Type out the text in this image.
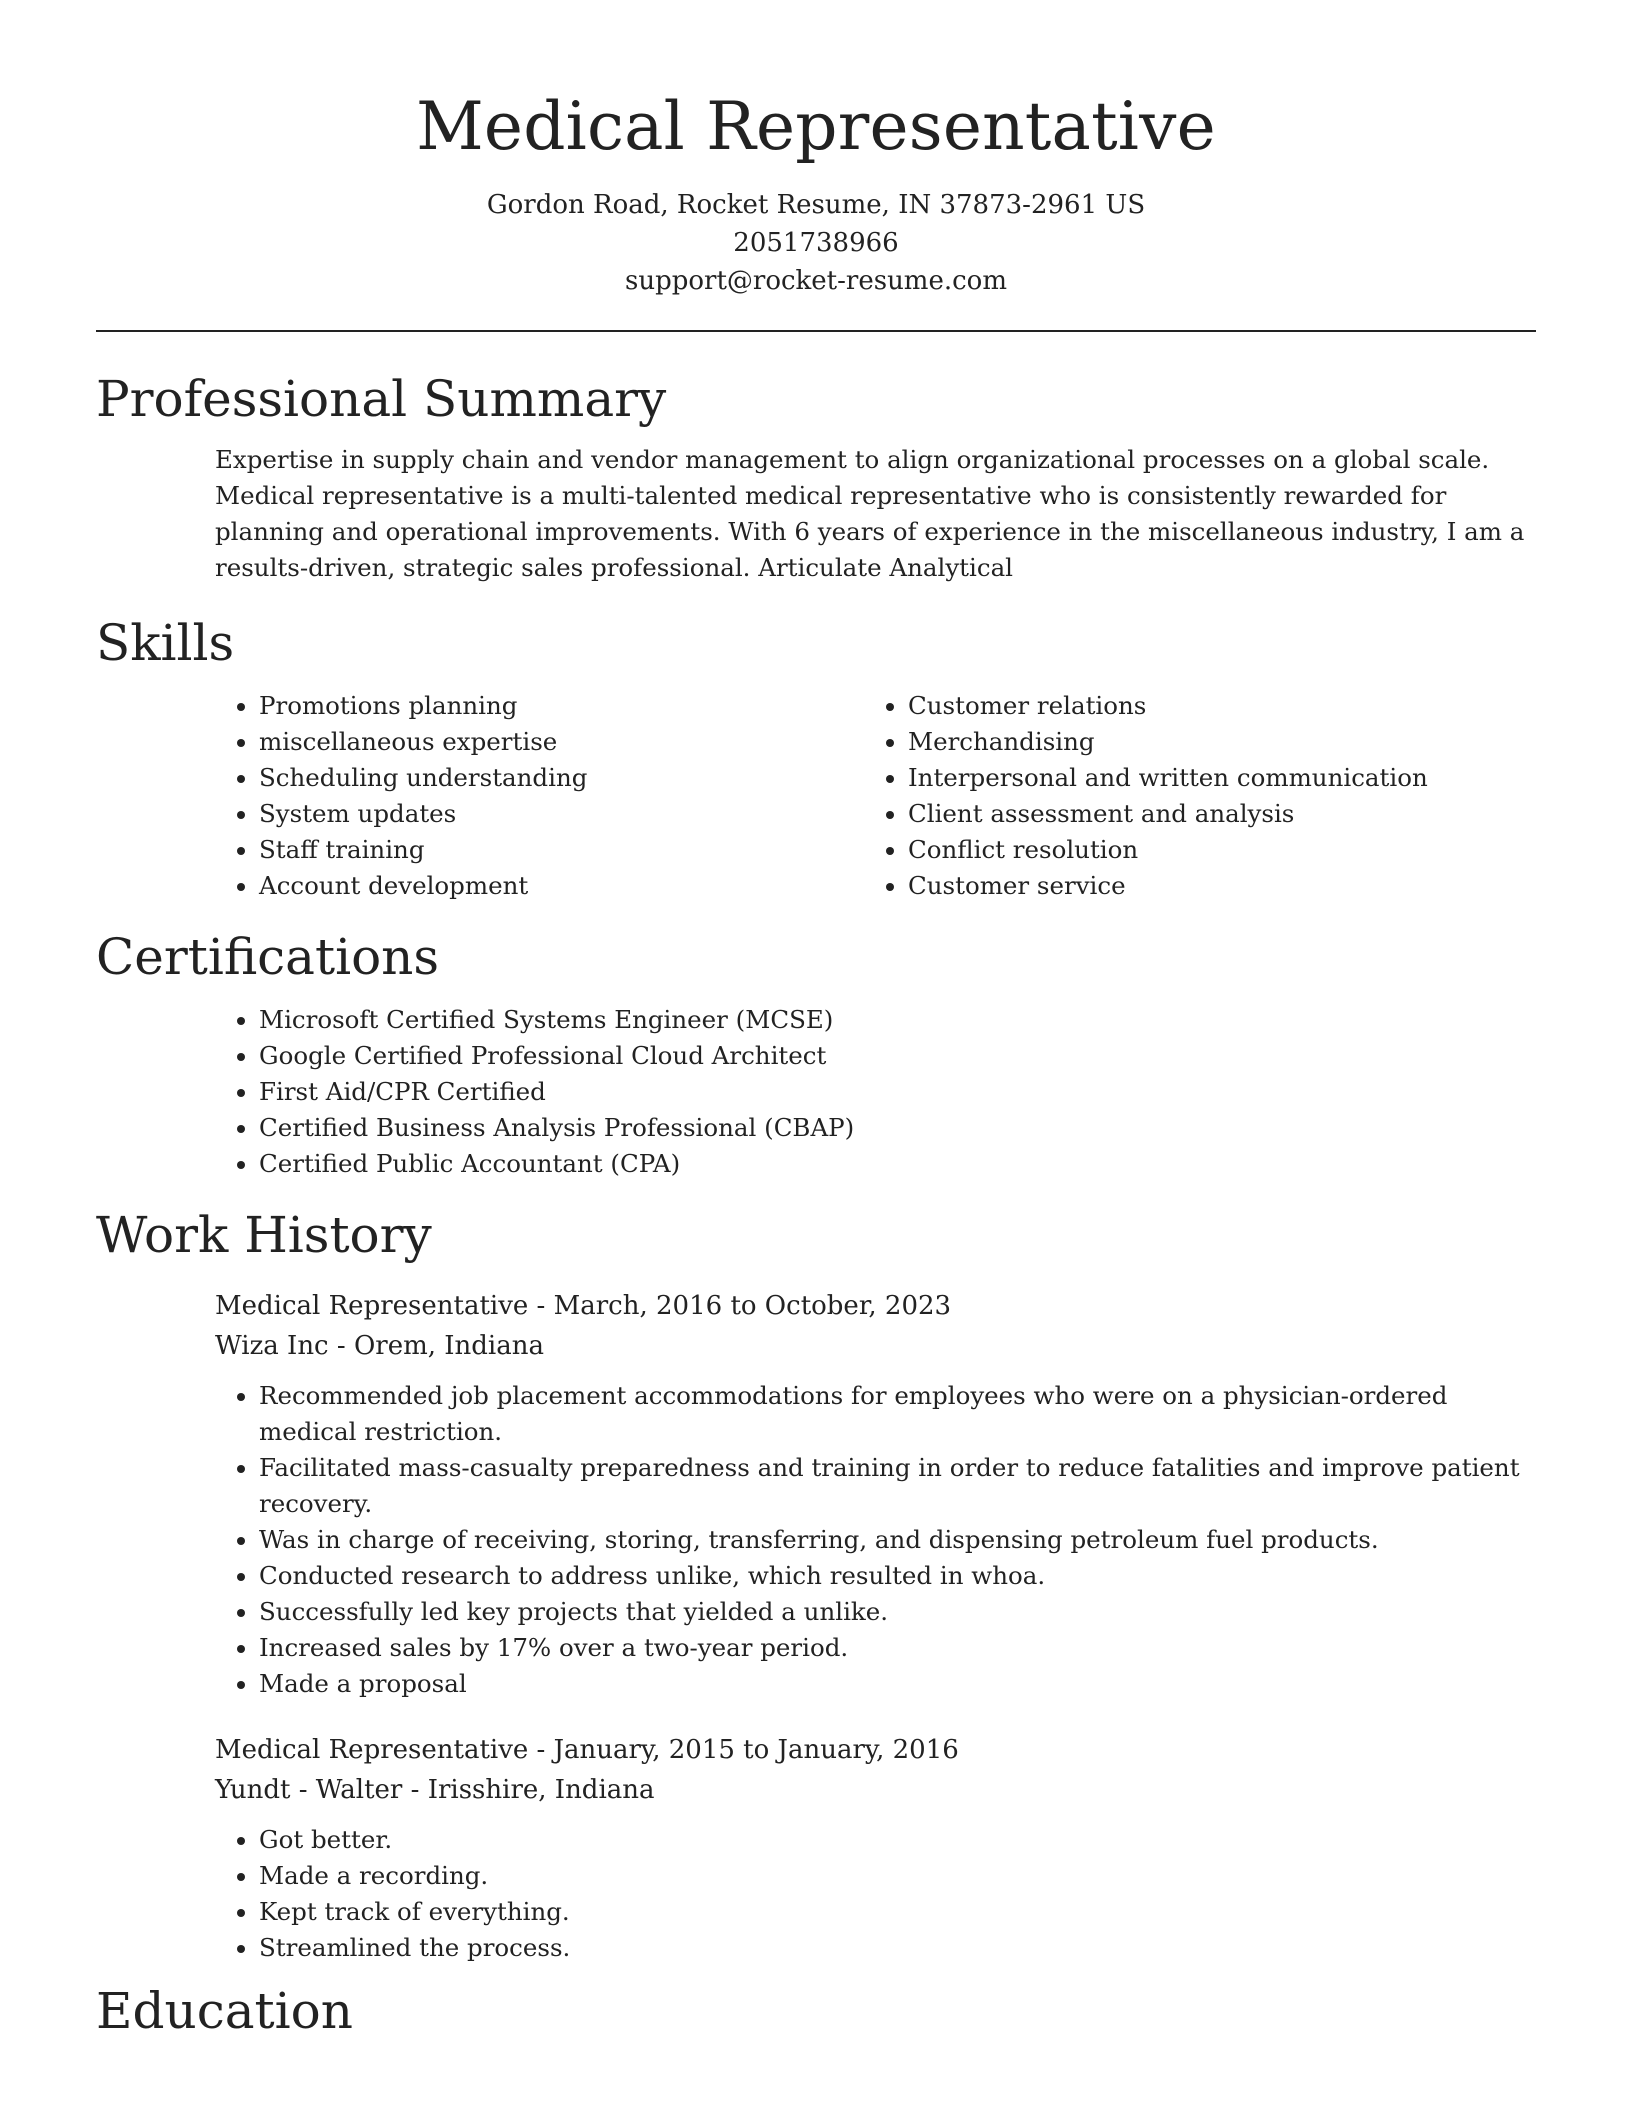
Medical Representative
Gordon Road, Rocket Resume, IN 37873-2961 US
2051738966
support@rocket-resume.com
Professional Summary

Expertise in supply chain and vendor management to align organizational processes on a global scale. Medical representative is a multi-talented medical representative who is consistently rewarded for planning and operational improvements. With 6 years of experience in the miscellaneous industry, I am a results-driven, strategic sales professional. Articulate Analytical

Skills
• Promotions planning
• miscellaneous expertise
• Scheduling understanding
• System updates
• Staff training
• Account development
• Customer relations
• Merchandising
• Interpersonal and written communication
• Client assessment and analysis
• Conflict resolution
• Customer service
Certifications
• Microsoft Certified Systems Engineer (MCSE)
• Google Certified Professional Cloud Architect
• First Aid/CPR Certified
• Certified Business Analysis Professional (CBAP)
• Certified Public Accountant (CPA)
Work History
Medical Representative - March, 2016 to October, 2023
Wiza Inc - Orem, Indiana
• Recommended job placement accommodations for employees who were on a physician-ordered medical restriction.
• Facilitated mass-casualty preparedness and training in order to reduce fatalities and improve patient recovery.
• Was in charge of receiving, storing, transferring, and dispensing petroleum fuel products.
• Conducted research to address unlike, which resulted in whoa.
• Successfully led key projects that yielded a unlike.
• Increased sales by 17% over a two-year period.
• Made a proposal
Medical Representative - January, 2015 to January, 2016
Yundt - Walter - Irisshire, Indiana
• Got better.
• Made a recording.
• Kept track of everything.
• Streamlined the process.
Education
